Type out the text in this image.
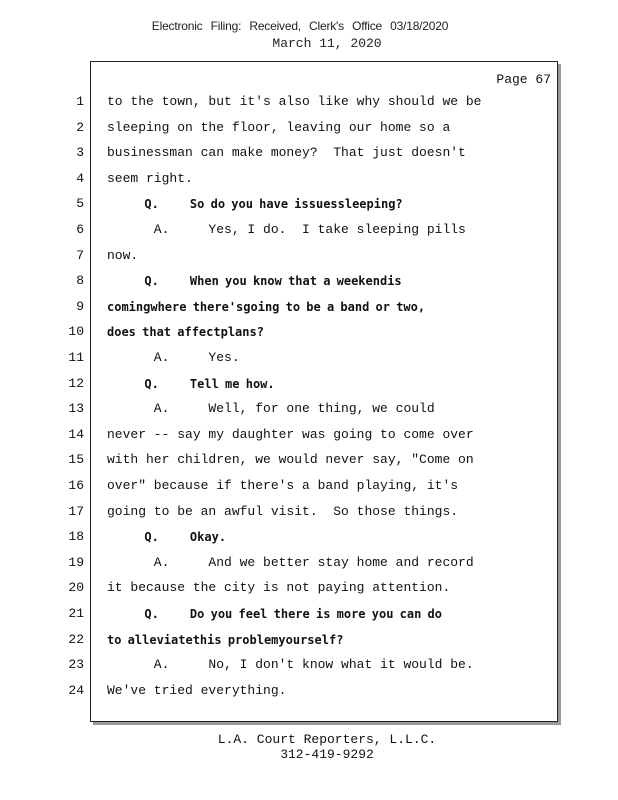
Electronic Filing: Received, Clerk's Office 03/18/2020
March 11, 2020
Page 67
1 to the town, but it's also like why should we be
2 sleeping on the floor, leaving our home so a
3 businessman can make money?  That just doesn't
4 seem right.
5 Q.     So do you have issuessleeping?
6 A.     Yes, I do.  I take sleeping pills
7 now.
8 Q.     When you know that a weekendis
9 comingwhere there'sgoing to be a band or two,
10 does that affectplans?
11 A.     Yes.
12 Q.     Tell me how.
13 A.     Well, for one thing, we could
14 never -- say my daughter was going to come over
15 with her children, we would never say, "Come on
16 over" because if there's a band playing, it's
17 going to be an awful visit.  So those things.
18 Q.     Okay.
19 A.     And we better stay home and record
20 it because the city is not paying attention.
21 Q.     Do you feel there is more you can do
22 to alleviatethis problemyourself?
23 A.     No, I don't know what it would be.
24 We've tried everything.
L.A. Court Reporters, L.L.C.
312-419-9292
